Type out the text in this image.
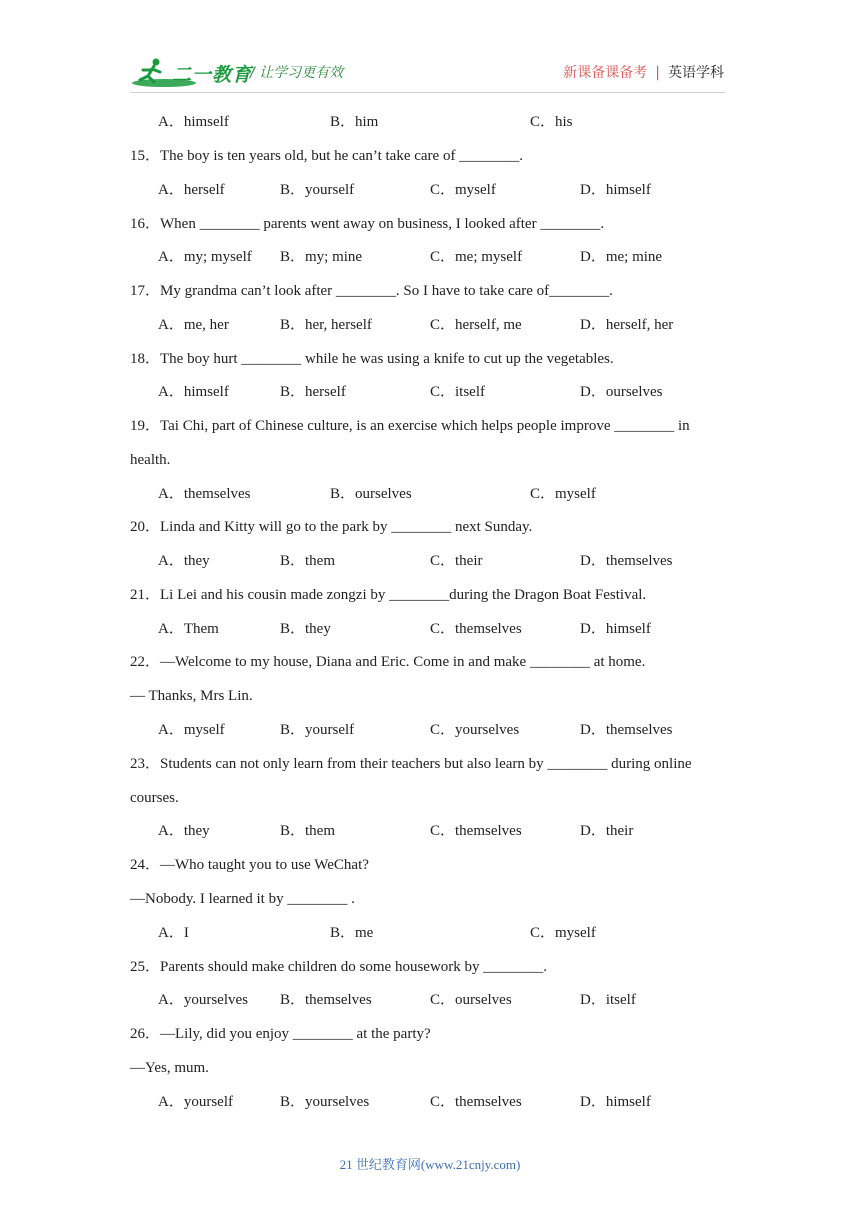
二一教育
/ 让学习更有效	新课备课备考 | 英语学科
A．himself	B．him	C．his
15．The boy is ten years old, but he can’t take care of ________.
A．herself	B．yourself	C．myself	D．himself
16．When ________ parents went away on business, I looked after ________.
A．my; myself B．my; mine	C．me; myself	D．me; mine
17．My grandma can’t look after ________. So I have to take care of________.
A．me, her	B．her, herself	C．herself, me	D．herself, her
18．The boy hurt ________ while he was using a knife to cut up the vegetables.
A．himself	B．herself	C．itself	D．ourselves
19．Tai Chi, part of Chinese culture, is an exercise which helps people improve ________ in
health.
A．themselves	B．ourselves	C．myself
20．Linda and Kitty will go to the park by ________ next Sunday.
A．they	B．them	C．their	D．themselves
21．Li Lei and his cousin made zongzi by ________during the Dragon Boat Festival.
A．Them	B．they	C．themselves	D．himself
22．—Welcome to my house, Diana and Eric. Come in and make ________ at home.
— Thanks, Mrs Lin.
A．myself	B．yourself	C．yourselves	D．themselves
23．Students can not only learn from their teachers but also learn by ________ during online
courses.
A．they	B．them	C．themselves	D．their
24．—Who taught you to use WeChat?
—Nobody. I learned it by ________ .
A．I	B．me	C．myself
25．Parents should make children do some housework by ________.
A．yourselves B．themselves	C．ourselves	D．itself
26．—Lily, did you enjoy ________ at the party?
—Yes, mum.
A．yourself	B．yourselves	C．themselves	D．himself
21 世纪教育网(www.21cnjy.com)
